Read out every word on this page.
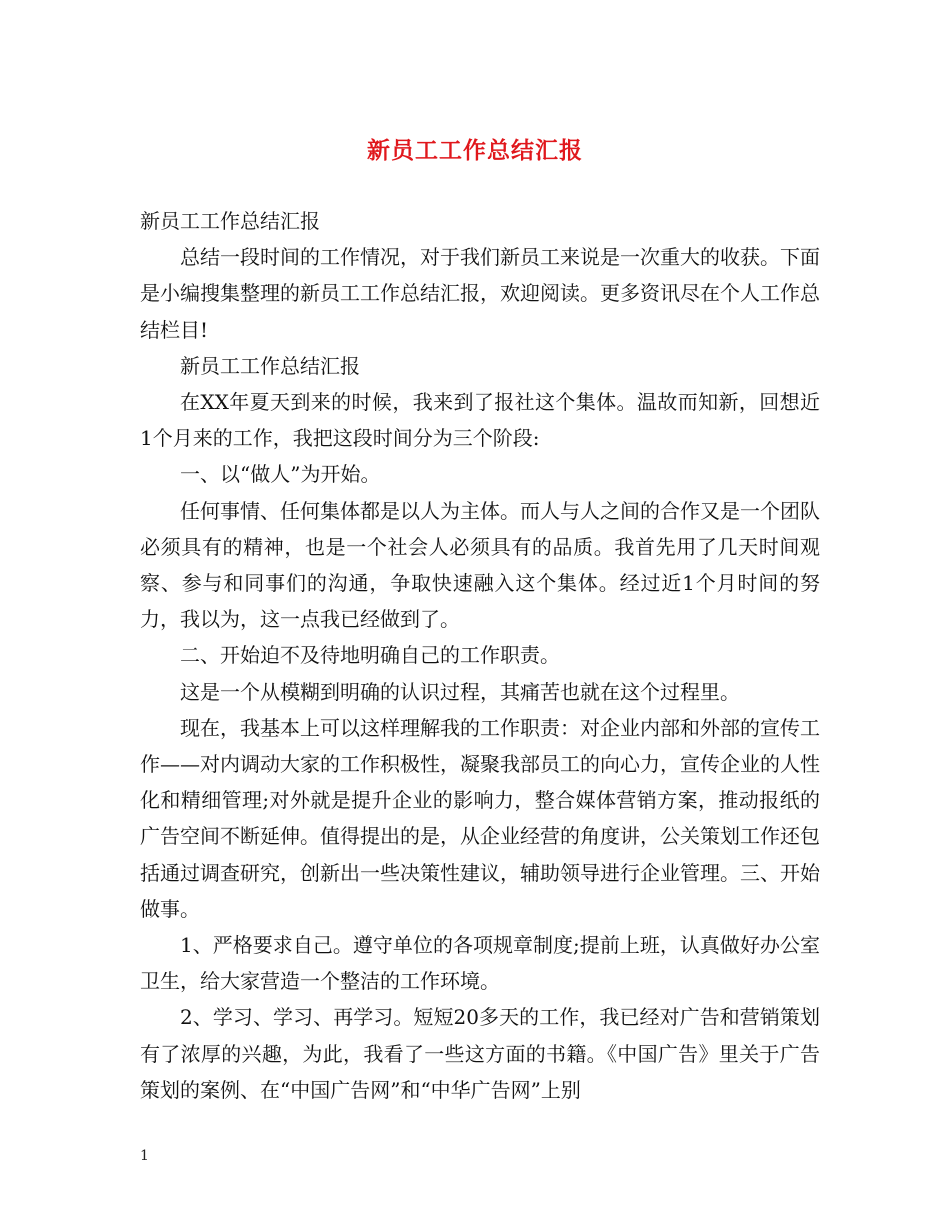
新员工工作总结汇报

新员工工作总结汇报

总结一段时间的工作情况，对于我们新员工来说是一次重大的收获。下面是小编搜集整理的新员工工作总结汇报，欢迎阅读。更多资讯尽在个人工作总结栏目!

新员工工作总结汇报

在XX年夏天到来的时候，我来到了报社这个集体。温故而知新，回想近1个月来的工作，我把这段时间分为三个阶段:

一、以“做人”为开始。

任何事情、任何集体都是以人为主体。而人与人之间的合作又是一个团队必须具有的精神，也是一个社会人必须具有的品质。我首先用了几天时间观察、参与和同事们的沟通，争取快速融入这个集体。经过近1个月时间的努力，我以为，这一点我已经做到了。

二、开始迫不及待地明确自己的工作职责。

这是一个从模糊到明确的认识过程，其痛苦也就在这个过程里。

现在，我基本上可以这样理解我的工作职责：对企业内部和外部的宣传工作——对内调动大家的工作积极性，凝聚我部员工的向心力，宣传企业的人性化和精细管理;对外就是提升企业的影响力，整合媒体营销方案，推动报纸的广告空间不断延伸。值得提出的是，从企业经营的角度讲，公关策划工作还包括通过调查研究，创新出一些决策性建议，辅助领导进行企业管理。三、开始做事。

1、严格要求自己。遵守单位的各项规章制度;提前上班，认真做好办公室卫生，给大家营造一个整洁的工作环境。

2、学习、学习、再学习。短短20多天的工作，我已经对广告和营销策划有了浓厚的兴趣，为此，我看了一些这方面的书籍。《中国广告》里关于广告策划的案例、在“中国广告网”和“中华广告网”上别

1
